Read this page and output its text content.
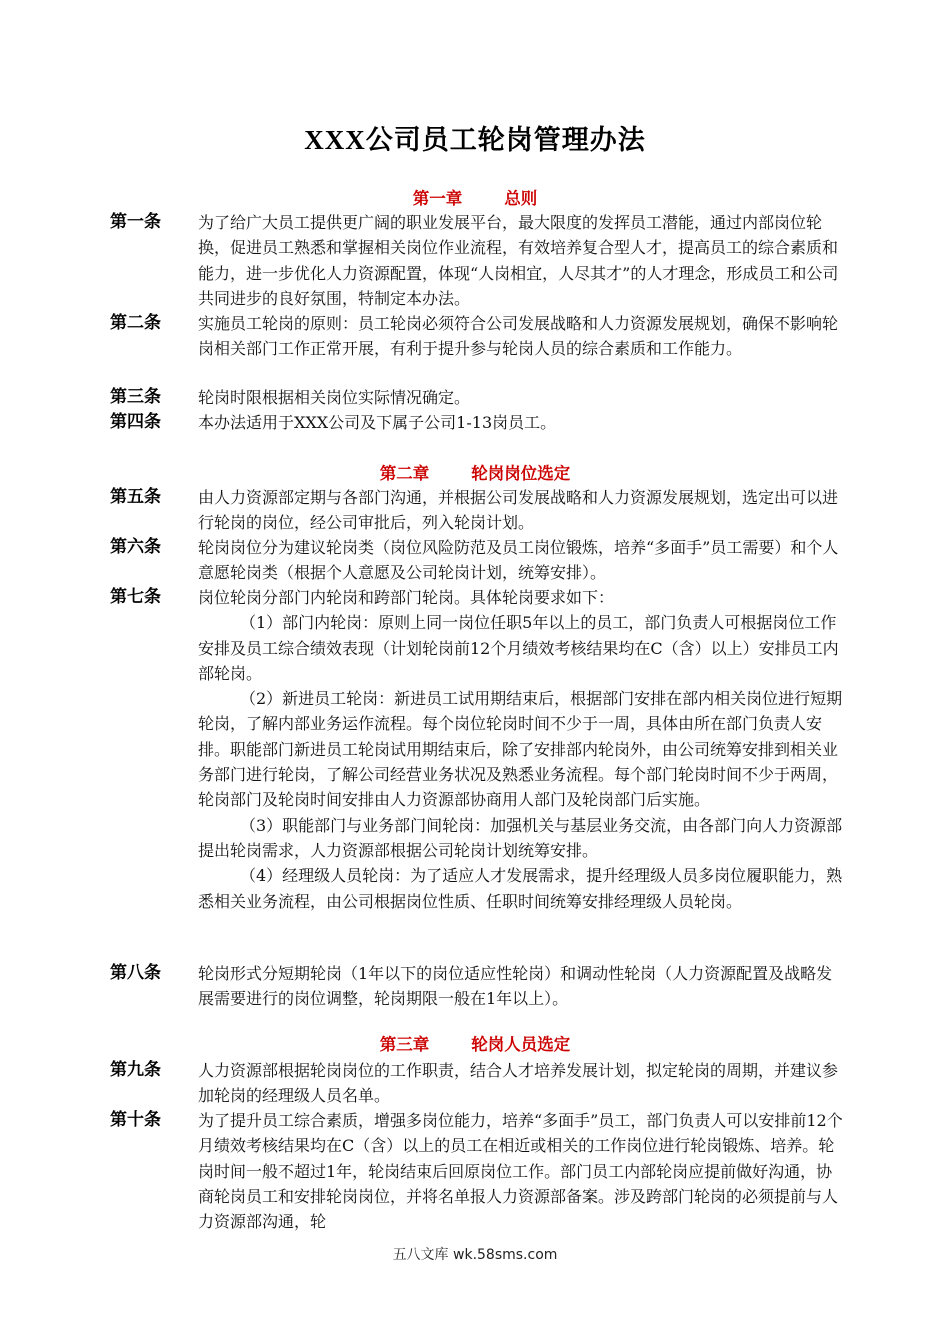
XXX公司员工轮岗管理办法
第一章	总则
第一条 为了给广大员工提供更广阔的职业发展平台，最大限度的发挥员工潜能，通过内部岗位轮换，促进员工熟悉和掌握相关岗位作业流程，有效培养复合型人才，提高员工的综合素质和能力，进一步优化人力资源配置，体现“人岗相宜，人尽其才”的人才理念，形成员工和公司共同进步的良好氛围，特制定本办法。

第二条 实施员工轮岗的原则：员工轮岗必须符合公司发展战略和人力资源发展规划，确保不影响轮岗相关部门工作正常开展，有利于提升参与轮岗人员的综合素质和工作能力。

第三条 轮岗时限根据相关岗位实际情况确定。

第四条 本办法适用于XXX公司及下属子公司1-13岗员工。

第二章	轮岗岗位选定
第五条 由人力资源部定期与各部门沟通，并根据公司发展战略和人力资源发展规划，选定出可以进行轮岗的岗位，经公司审批后，列入轮岗计划。

第六条 轮岗岗位分为建议轮岗类（岗位风险防范及员工岗位锻炼，培养“多面手”员工需要）和个人意愿轮岗类（根据个人意愿及公司轮岗计划，统筹安排）。

第七条 岗位轮岗分部门内轮岗和跨部门轮岗。具体轮岗要求如下：

（1）部门内轮岗：原则上同一岗位任职5年以上的员工，部门负责人可根据岗位工作安排及员工综合绩效表现（计划轮岗前12个月绩效考核结果均在C（含）以上）安排员工内部轮岗。

（2）新进员工轮岗：新进员工试用期结束后，根据部门安排在部内相关岗位进行短期轮岗，了解内部业务运作流程。每个岗位轮岗时间不少于一周，具体由所在部门负责人安排。职能部门新进员工轮岗试用期结束后，除了安排部内轮岗外，由公司统筹安排到相关业务部门进行轮岗，了解公司经营业务状况及熟悉业务流程。每个部门轮岗时间不少于两周，轮岗部门及轮岗时间安排由人力资源部协商用人部门及轮岗部门后实施。

（3）职能部门与业务部门间轮岗：加强机关与基层业务交流，由各部门向人力资源部提出轮岗需求，人力资源部根据公司轮岗计划统筹安排。

（4）经理级人员轮岗：为了适应人才发展需求，提升经理级人员多岗位履职能力，熟悉相关业务流程，由公司根据岗位性质、任职时间统筹安排经理级人员轮岗。

第八条 轮岗形式分短期轮岗（1年以下的岗位适应性轮岗）和调动性轮岗（人力资源配置及战略发展需要进行的岗位调整，轮岗期限一般在1年以上）。

第三章	轮岗人员选定
第九条 人力资源部根据轮岗岗位的工作职责，结合人才培养发展计划，拟定轮岗的周期，并建议参加轮岗的经理级人员名单。

第十条 为了提升员工综合素质，增强多岗位能力，培养“多面手”员工，部门负责人可以安排前12个月绩效考核结果均在C（含）以上的员工在相近或相关的工作岗位进行轮岗锻炼、培养。轮岗时间一般不超过1年，轮岗结束后回原岗位工作。部门员工内部轮岗应提前做好沟通，协商轮岗员工和安排轮岗岗位，并将名单报人力资源部备案。涉及跨部门轮岗的必须提前与人力资源部沟通，轮

五八文库 wk.58sms.com
